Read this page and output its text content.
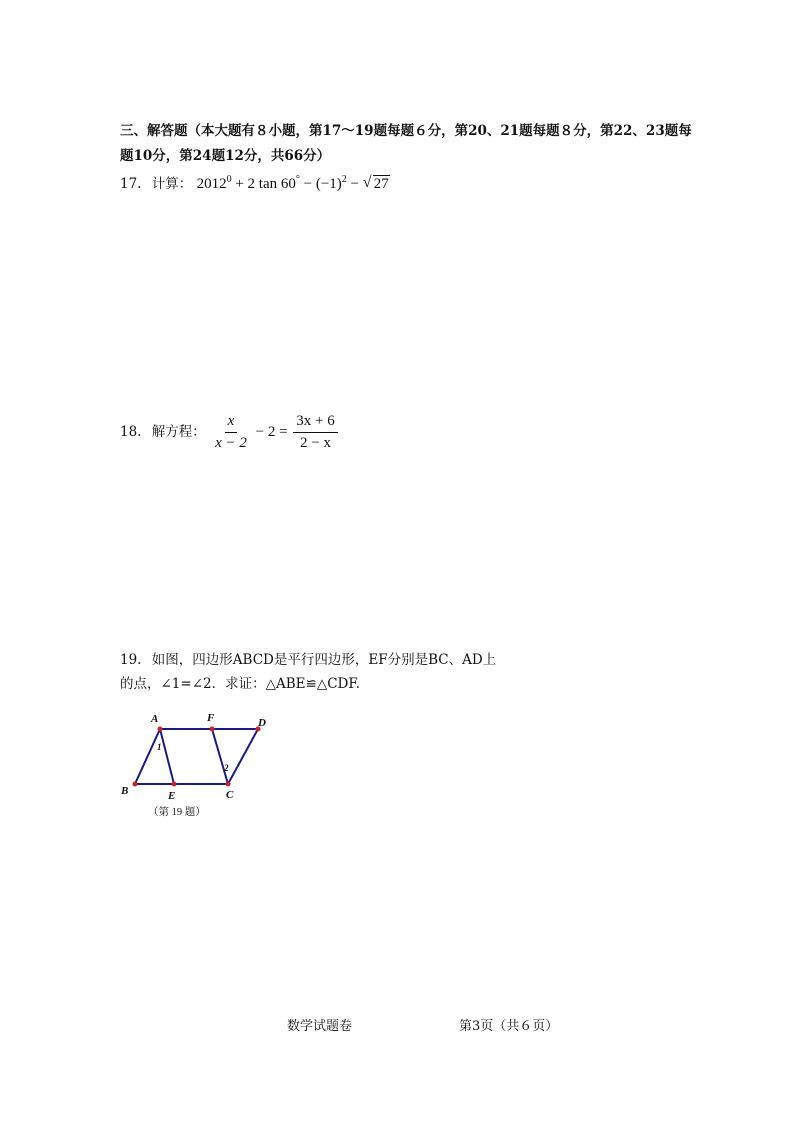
三、解答题（本大题有８小题，第17～19题每题６分，第20、21题每题８分，第22、23题每题10分，第24题12分，共66分）
17. 计算： $2012^0 + 2$ $\tan 60^\circ - (-1)^2$ − √ 27
18. 解方程： $\frac{x}{x - 2} - 2 = \frac{3x + 6}{2 - x}$
19. 如图，四边形ABCD是平行四边形，EF分别是BC、AD上
的点，∠1=∠2．求证：△ABE≌△CDF.
A	F	D
B	E	C
1
2
（第 19 题）
数学试题卷	第3页（共６页）
